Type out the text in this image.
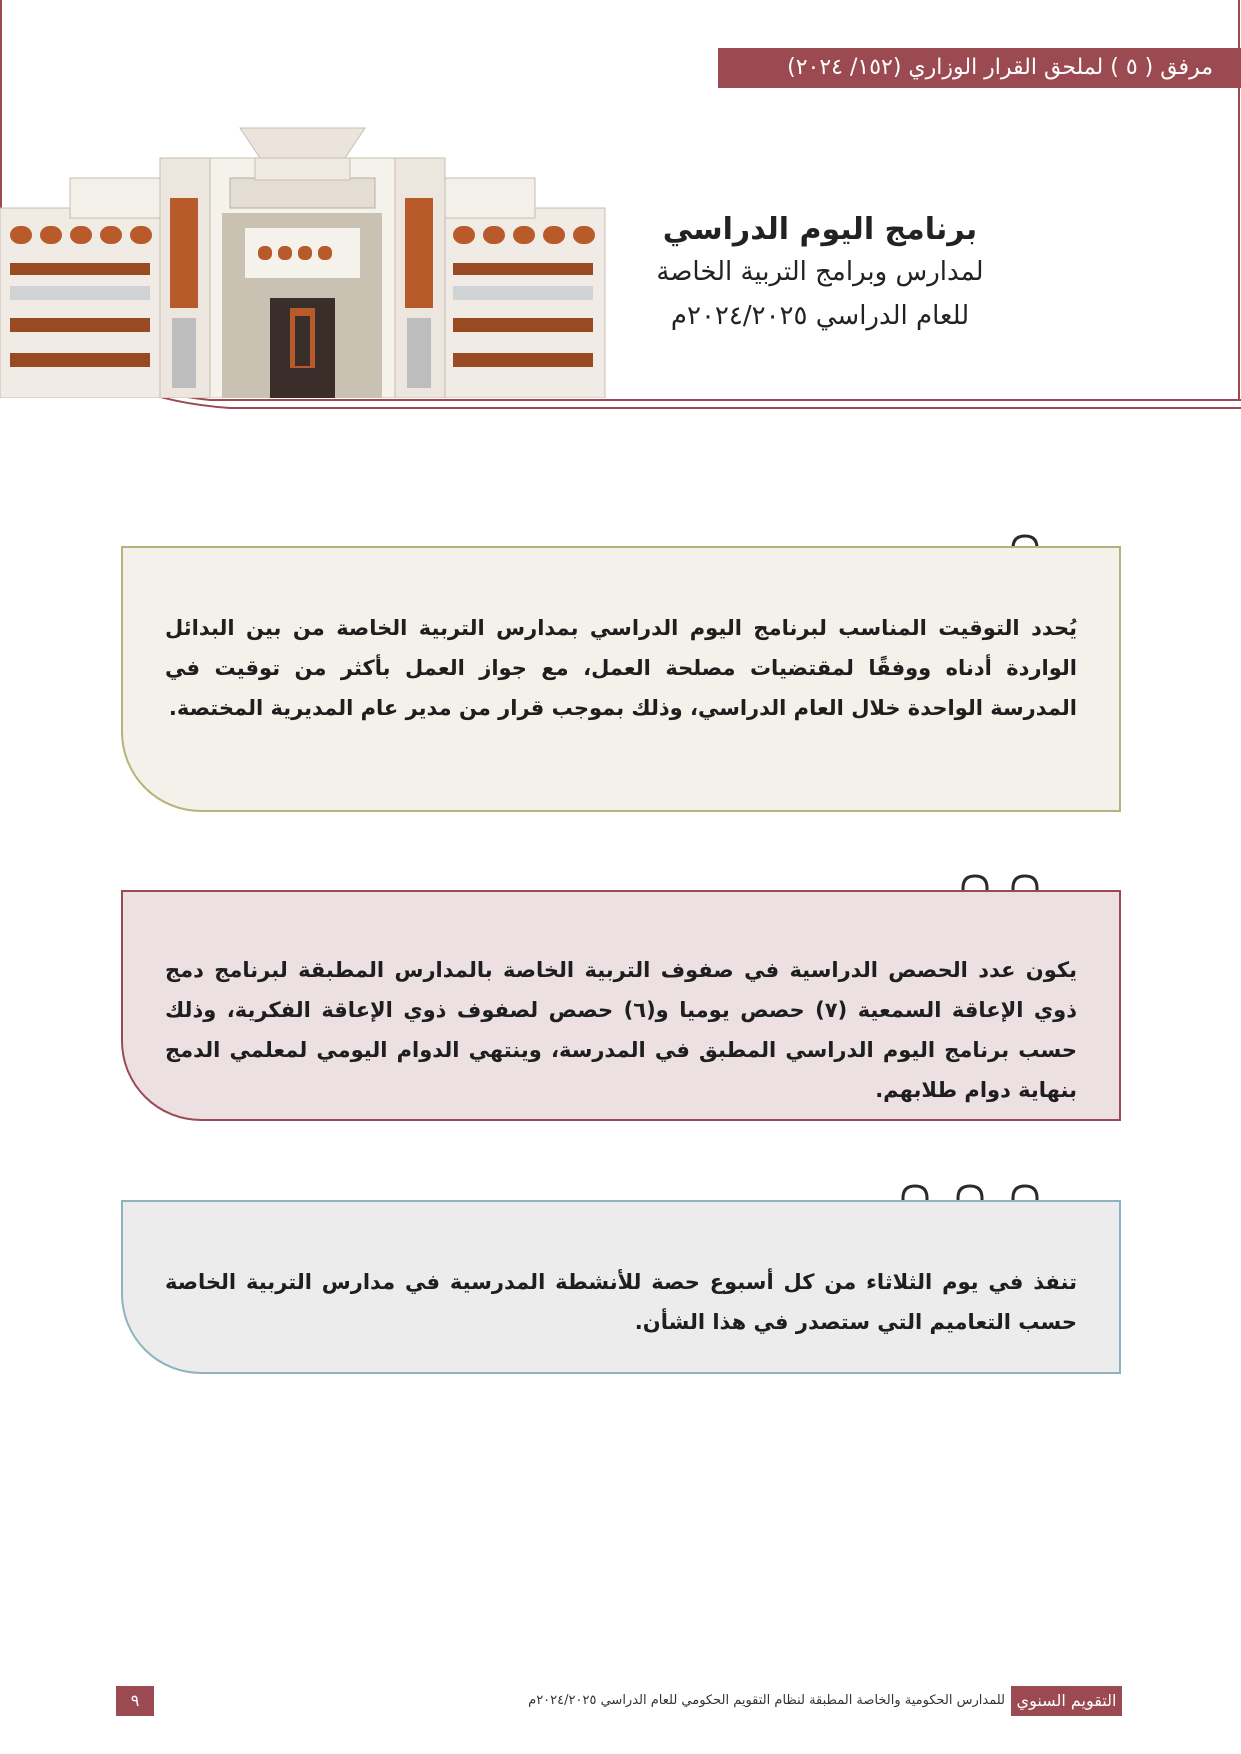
مرفق ( ٥ ) لملحق القرار الوزاري (١٥٢/ ٢٠٢٤)
برنامج اليوم الدراسي
لمدارس وبرامج التربية الخاصة
للعام الدراسي ٢٠٢٤/٢٠٢٥م
يُحدد التوقيت المناسب لبرنامج اليوم الدراسي بمدارس التربية الخاصة من بين البدائل الواردة أدناه ووفقًا لمقتضيات مصلحة العمل، مع جواز العمل بأكثر من توقيت في المدرسة الواحدة خلال العام الدراسي، وذلك بموجب قرار من مدير عام المديرية المختصة.
يكون عدد الحصص الدراسية في صفوف التربية الخاصة بالمدارس المطبقة لبرنامج دمج ذوي الإعاقة السمعية (٧) حصص يوميا و(٦) حصص لصفوف ذوي الإعاقة الفكرية، وذلك حسب برنامج اليوم الدراسي المطبق في المدرسة، وينتهي الدوام اليومي لمعلمي الدمج بنهاية دوام طلابهم.
تنفذ في يوم الثلاثاء من كل أسبوع حصة للأنشطة المدرسية في مدارس التربية الخاصة حسب التعاميم التي ستصدر في هذا الشأن.
التقويم السنوي
للمدارس الحكومية والخاصة المطبقة لنظام التقويم الحكومي للعام الدراسي ٢٠٢٤/٢٠٢٥م
٩
